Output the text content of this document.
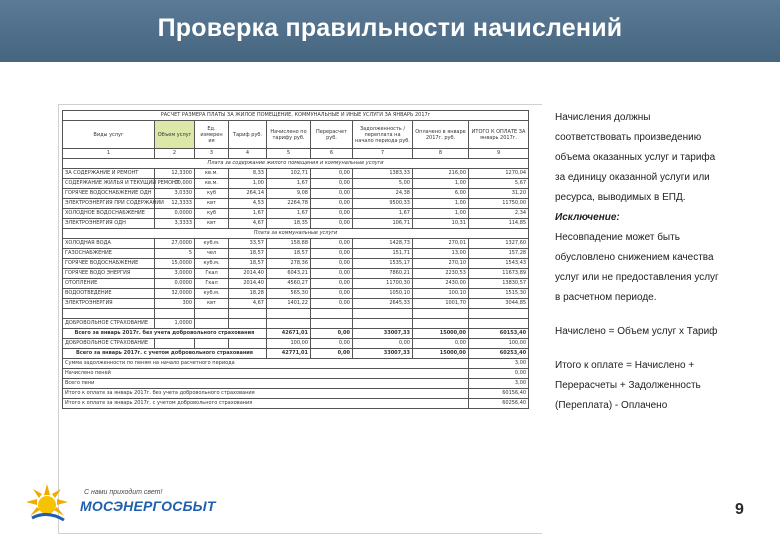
Проверка правильности начислений
РАСЧЕТ РАЗМЕРА ПЛАТЫ ЗА ЖИЛОЕ ПОМЕЩЕНИЕ, КОММУНАЛЬНЫЕ И ИНЫЕ УСЛУГИ ЗА ЯНВАРЬ 2017г								
Виды услуг	Объем услуг	Ед. измерен ия	Тариф руб.	Начислено по тарифу руб.	Перерасчет руб.	Задолженность / переплата на начало периода руб.	Оплачено в январе 2017г. руб.	ИТОГО К ОПЛАТЕ ЗА январь 2017г.
1	2	3	4	5	6	7	8	9
Плата за содержание жилого помещения и коммунальные услуги								
ЗА СОДЕРЖАНИЕ И РЕМОНТ	12,3300	кв.м.	8,33	102,71	0,00	1383,33	216,00	1270,04
СОДЕРЖАНИЕ ЖИЛЬЯ И ТЕКУЩИЙ РЕМОНТ	00,000	кв.м.	1,00	1,67	0,00	5,00	1,00	5,67
ГОРЯЧЕЕ ВОДОСНАБЖЕНИЕ ОДН	3,0330	куб	264,14	9,08	0,00	24,38	6,00	31,20
ЭЛЕКТРОЭНЕРГИЯ ПРИ СОДЕРЖАНИИ	12,3333	квт	4,53	2264,78	0,00	9500,33	1,00	11750,00
ХОЛОДНОЕ ВОДОСНАБЖЕНИЕ	0,0000	куб	1,67	1,67	0,00	1,67	1,00	2,34
ЭЛЕКТРОЭНЕРГИЯ ОДН	3,3333	квт	4,67	18,35	0,00	106,71	10,31	114,85
Плата за коммунальные услуги								
ХОЛОДНАЯ ВОДА	27,0000	куб.м.	33,57	158,88	0,00	1428,73	270,01	1327,60
ГАЗОСНАБЖЕНИЕ	5	чел	18,57	18,57	0,00	151,71	13,00	157,28
ГОРЯЧЕЕ ВОДОСНАБЖЕНИЕ	15,0000	куб.м.	18,57	278,36	0,00	1535,17	270,10	1543,43
ГОРЯЧЕЕ ВОДО ЭНЕРГИЯ	3,0000	Гкал	2014,40	6043,21	0,00	7860,21	2230,53	11673,89
ОТОПЛЕНИЕ	0,0000	Гкал	2014,40	4560,27	0,00	11700,30	2430,00	13830,57
ВОДООТВЕДЕНИЕ	32,0000	куб.м.	18,28	565,30	0,00	1050,10	100,10	1515,30
ЭЛЕКТРОЭНЕРГИЯ	300	квт	4,67	1401,22	0,00	2645,33	1001,70	3044,85

ДОБРОВОЛЬНОЕ СТРАХОВАНИЕ	1,0000							
Всего за январь 2017г. без учета добровольного страхования				42671,01	0,00	33007,33	15000,00	60153,40
ДОБРОВОЛЬНОЕ СТРАХОВАНИЕ				100,00	0,00	0,00	0,00	100,00
Всего за январь 2017г. с учетом добровольного страхования				42771,01	0,00	33007,33	15000,00	60253,40
Сумма задолженности по пеням на начало расчетного периода								3,00
Начислено пеней								0,00
Всего пени								3,00
Итого к оплате за январь 2017г. без учета добровольного страхования								60156,40
Итого к оплате за январь 2017г. с учетом добровольного страхования								60256,40

Начисления должны

соответствовать произведению

объема оказанных услуг и тарифа

за единицу оказанной услуги или

ресурса, выводимых в ЕПД.

Исключение:

Несовпадение может быть

обусловлено снижением качества

услуг или не предоставления услуг

в расчетном периоде.

Начислено = Объем услуг х Тариф

Итого к оплате = Начислено +

Перерасчеты + Задолженность

(Переплата) - Оплачено

С нами приходит свет!
МОСЭНЕРГОСБЫТ	9
